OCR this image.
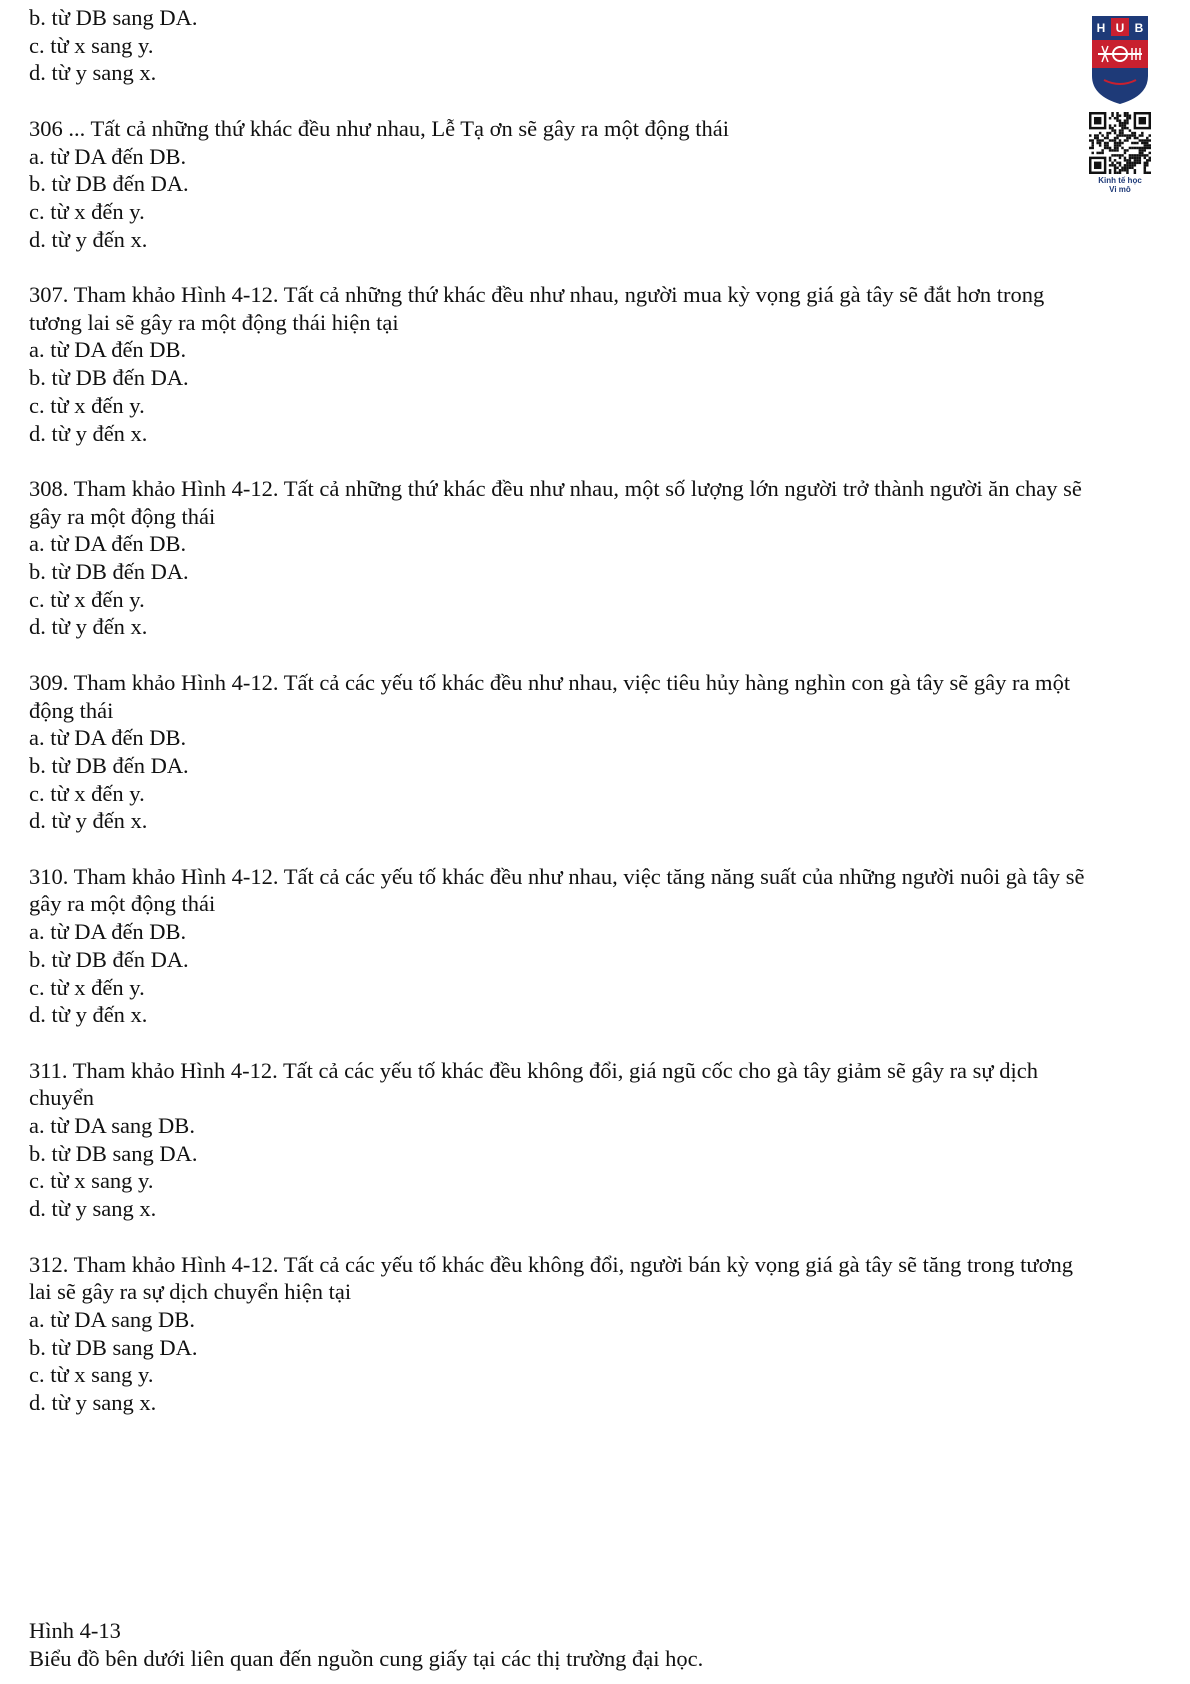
b. từ DB sang DA.
c. từ x sang y.
d. từ y sang x.
306 ... Tất cả những thứ khác đều như nhau, Lễ Tạ ơn sẽ gây ra một động thái
a. từ DA đến DB.
b. từ DB đến DA.
c. từ x đến y.
d. từ y đến x.
307. Tham khảo Hình 4-12. Tất cả những thứ khác đều như nhau, người mua kỳ vọng giá gà tây sẽ đắt hơn trong
tương lai sẽ gây ra một động thái hiện tại
a. từ DA đến DB.
b. từ DB đến DA.
c. từ x đến y.
d. từ y đến x.
308. Tham khảo Hình 4-12. Tất cả những thứ khác đều như nhau, một số lượng lớn người trở thành người ăn chay sẽ
gây ra một động thái
a. từ DA đến DB.
b. từ DB đến DA.
c. từ x đến y.
d. từ y đến x.
309. Tham khảo Hình 4-12. Tất cả các yếu tố khác đều như nhau, việc tiêu hủy hàng nghìn con gà tây sẽ gây ra một
động thái
a. từ DA đến DB.
b. từ DB đến DA.
c. từ x đến y.
d. từ y đến x.
310. Tham khảo Hình 4-12. Tất cả các yếu tố khác đều như nhau, việc tăng năng suất của những người nuôi gà tây sẽ
gây ra một động thái
a. từ DA đến DB.
b. từ DB đến DA.
c. từ x đến y.
d. từ y đến x.
311. Tham khảo Hình 4-12. Tất cả các yếu tố khác đều không đổi, giá ngũ cốc cho gà tây giảm sẽ gây ra sự dịch
chuyển
a. từ DA sang DB.
b. từ DB sang DA.
c. từ x sang y.
d. từ y sang x.
312. Tham khảo Hình 4-12. Tất cả các yếu tố khác đều không đổi, người bán kỳ vọng giá gà tây sẽ tăng trong tương
lai sẽ gây ra sự dịch chuyển hiện tại
a. từ DA sang DB.
b. từ DB sang DA.
c. từ x sang y.
d. từ y sang x.
Hình 4-13
Biểu đồ bên dưới liên quan đến nguồn cung giấy tại các thị trường đại học.
H U B
Kinh tế học
Vi mô
